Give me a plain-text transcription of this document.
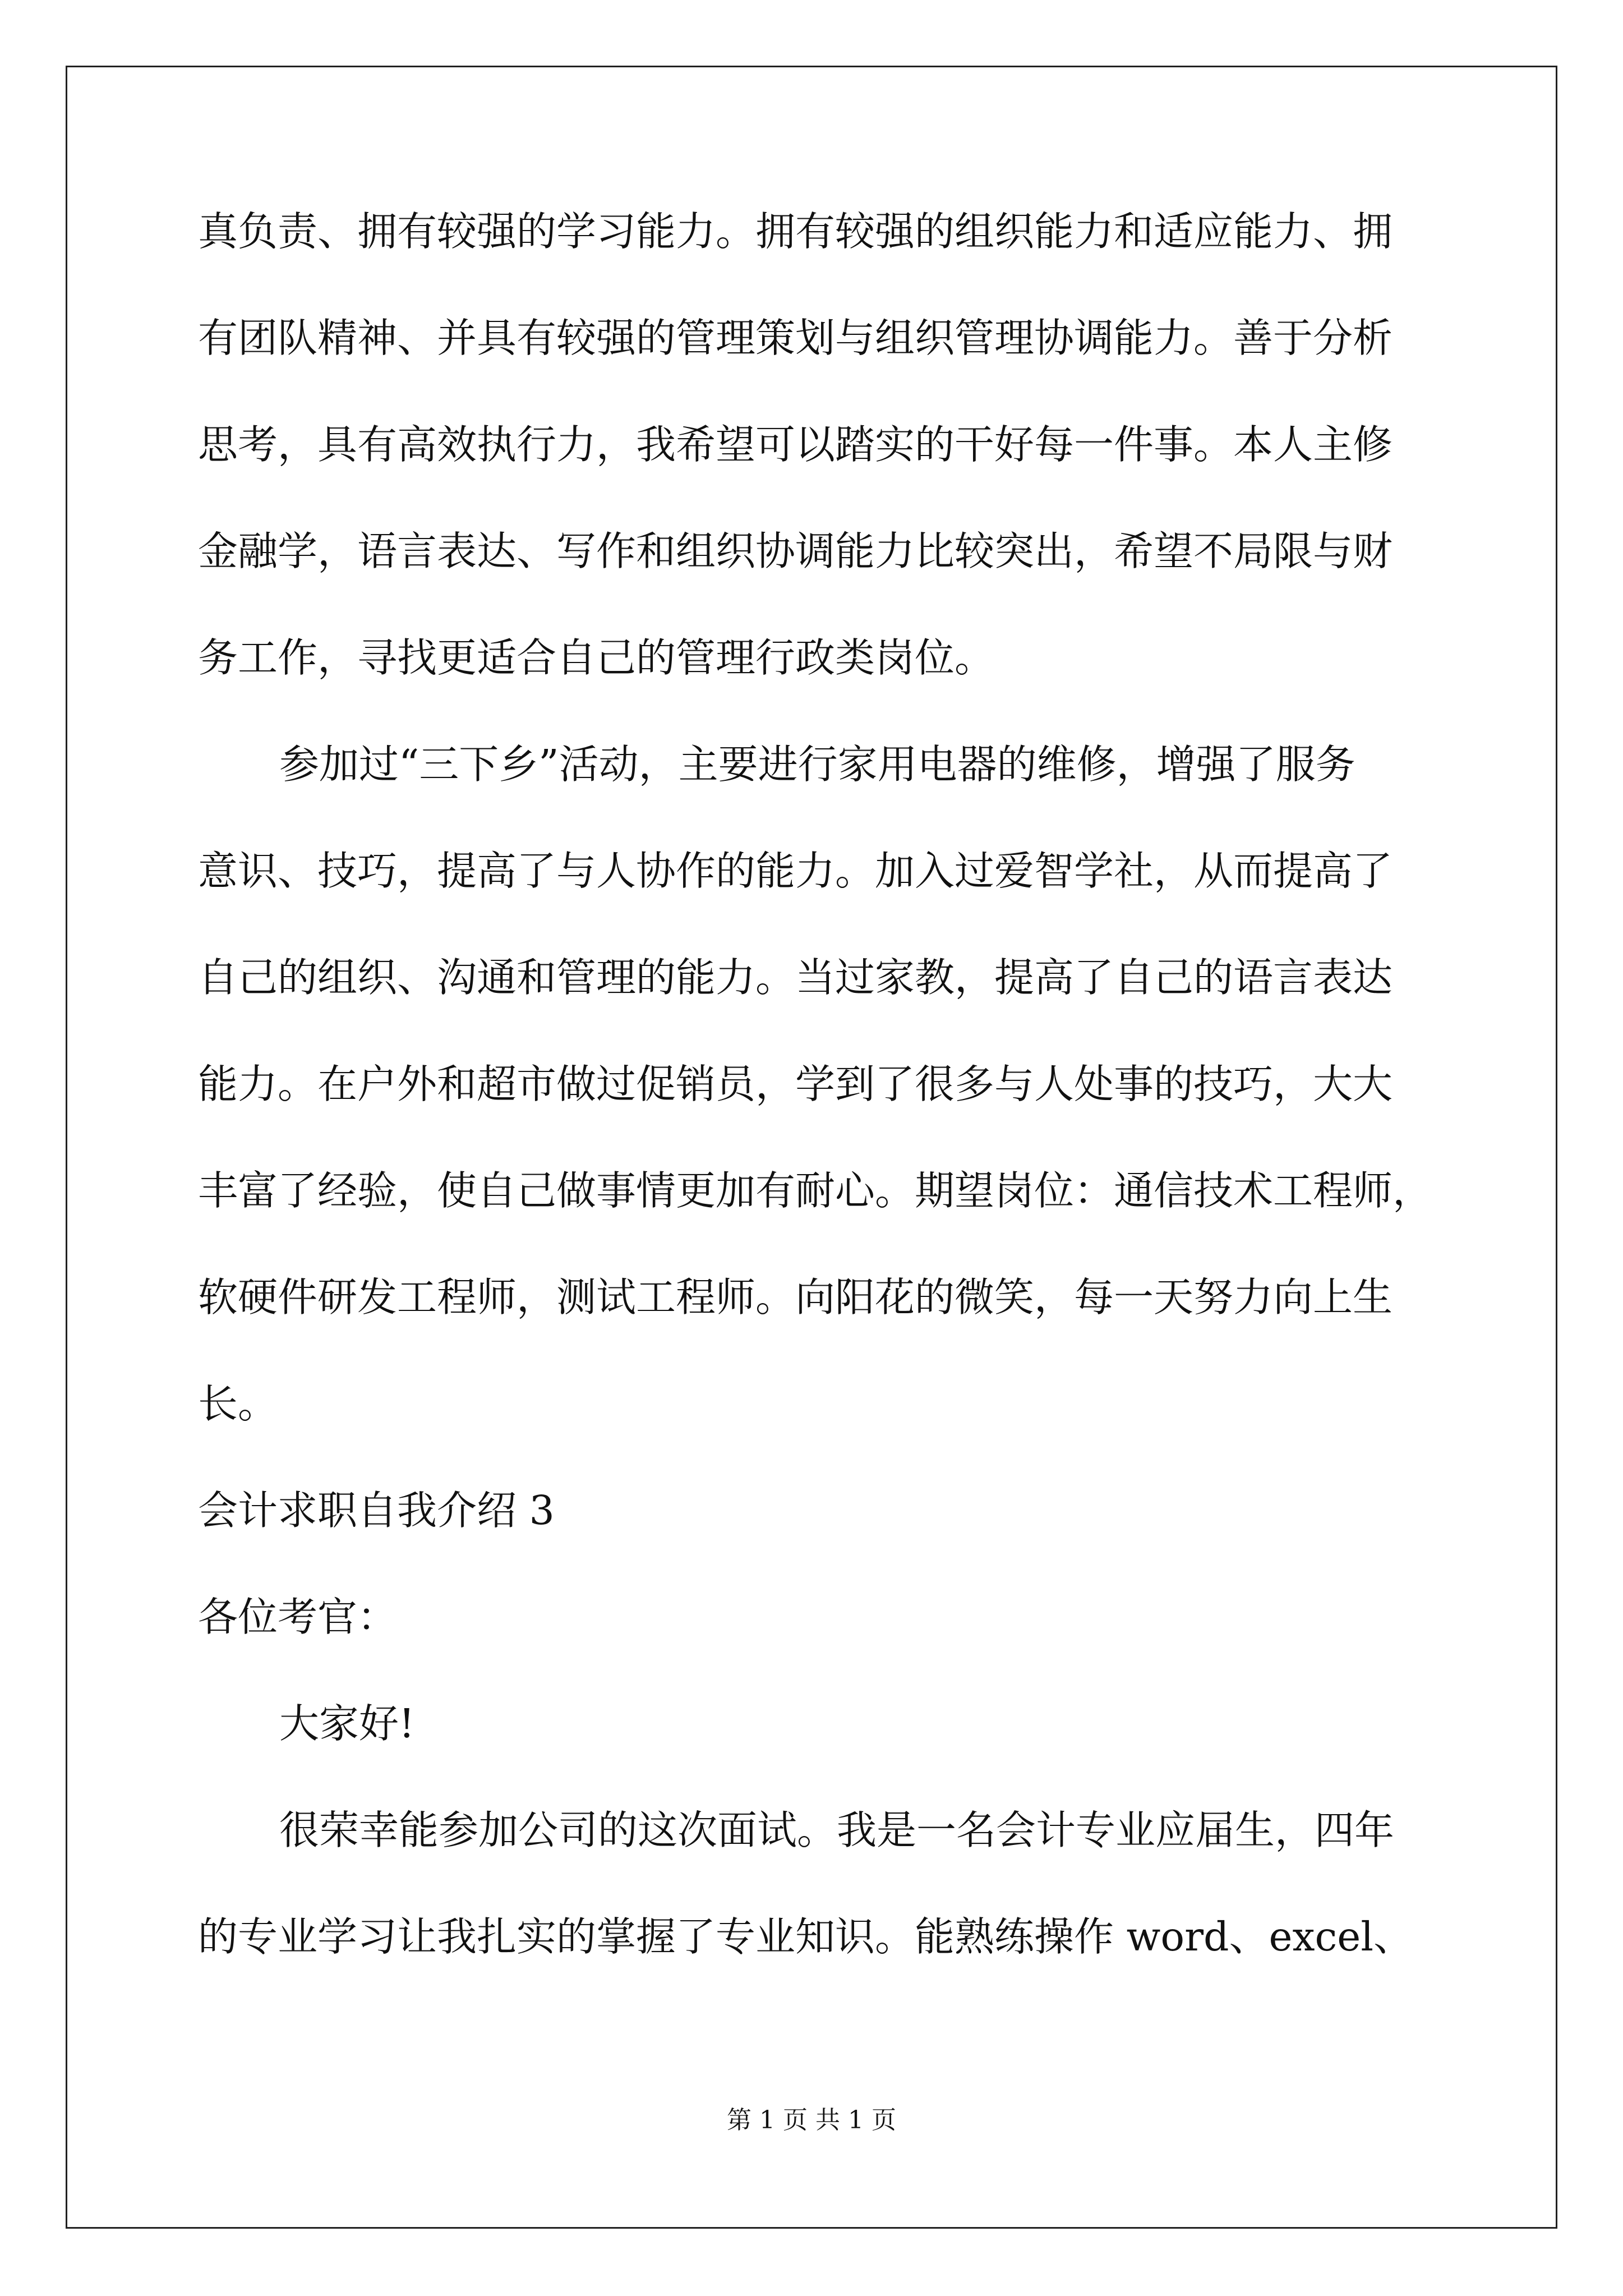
真负责、拥有较强的学习能力。拥有较强的组织能力和适应能力、拥
有团队精神、并具有较强的管理策划与组织管理协调能力。善于分析
思考，具有高效执行力，我希望可以踏实的干好每一件事。本人主修
金融学，语言表达、写作和组织协调能力比较突出，希望不局限与财
务工作，寻找更适合自己的管理行政类岗位。
参加过“三下乡”活动，主要进行家用电器的维修，增强了服务
意识、技巧，提高了与人协作的能力。加入过爱智学社，从而提高了
自己的组织、沟通和管理的能力。当过家教，提高了自己的语言表达
能力。在户外和超市做过促销员，学到了很多与人处事的技巧，大大
丰富了经验，使自己做事情更加有耐心。期望岗位：通信技术工程师，
软硬件研发工程师，测试工程师。向阳花的微笑，每一天努力向上生
长。
会计求职自我介绍 3
各位考官：
大家好!
很荣幸能参加公司的这次面试。我是一名会计专业应届生，四年
的专业学习让我扎实的掌握了专业知识。能熟练操作 word、excel、
第 1 页 共 1 页
